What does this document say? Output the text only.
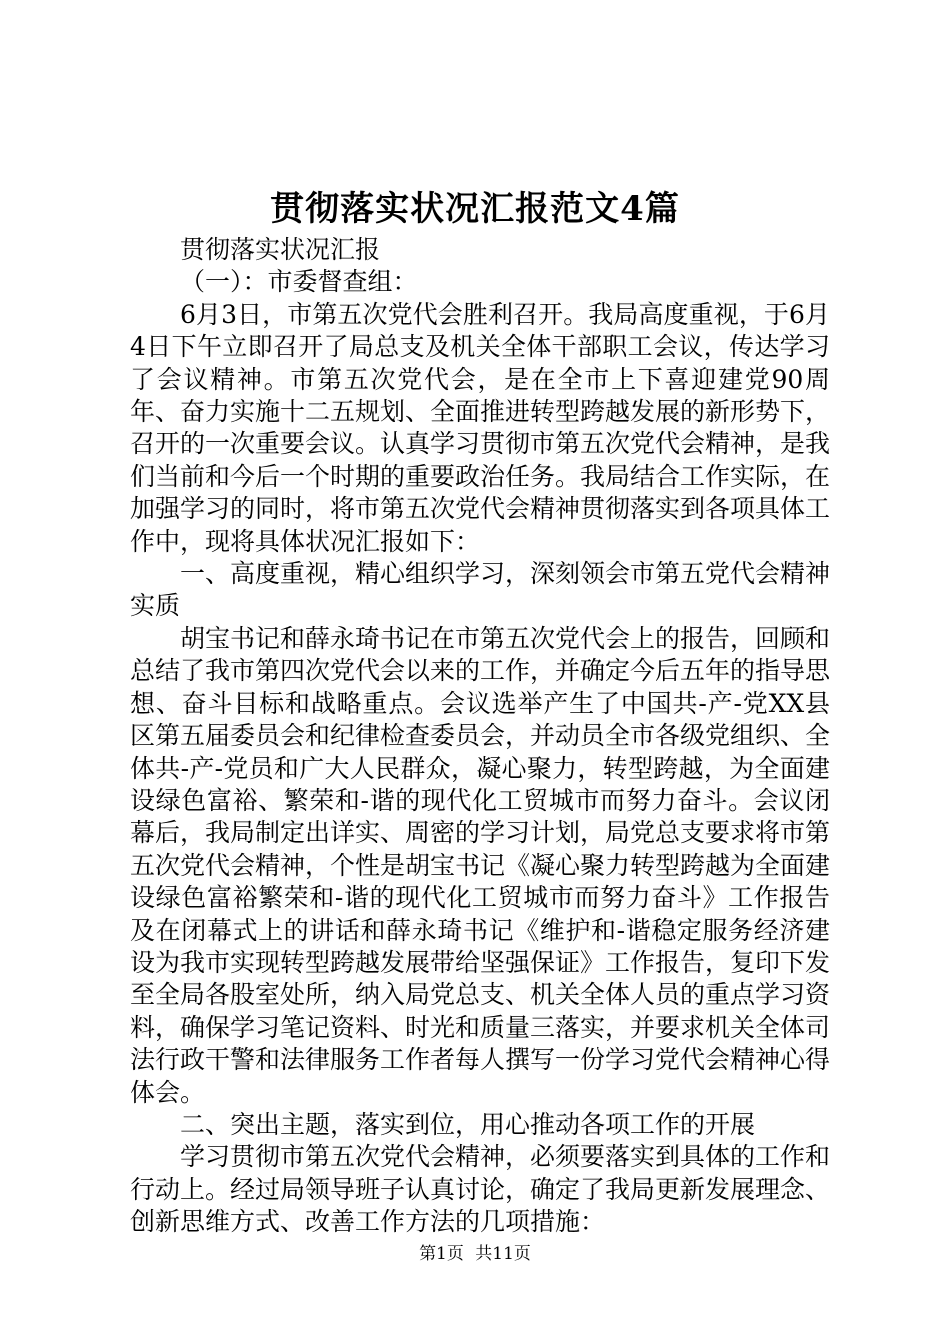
贯彻落实状况汇报范文4篇

贯彻落实状况汇报

（一）：市委督查组：

6月3日，市第五次党代会胜利召开。我局高度重视，于6月4日下午立即召开了局总支及机关全体干部职工会议，传达学习了会议精神。市第五次党代会，是在全市上下喜迎建党90周年、奋力实施十二五规划、全面推进转型跨越发展的新形势下，召开的一次重要会议。认真学习贯彻市第五次党代会精神，是我们当前和今后一个时期的重要政治任务。我局结合工作实际，在加强学习的同时，将市第五次党代会精神贯彻落实到各项具体工作中，现将具体状况汇报如下：

一、高度重视，精心组织学习，深刻领会市第五党代会精神实质

胡宝书记和薛永琦书记在市第五次党代会上的报告，回顾和总结了我市第四次党代会以来的工作，并确定今后五年的指导思想、奋斗目标和战略重点。会议选举产生了中国共-产-党XX县区第五届委员会和纪律检查委员会，并动员全市各级党组织、全体共-产-党员和广大人民群众，凝心聚力，转型跨越，为全面建设绿色富裕、繁荣和-谐的现代化工贸城市而努力奋斗。会议闭幕后，我局制定出详实、周密的学习计划，局党总支要求将市第五次党代会精神，个性是胡宝书记《凝心聚力转型跨越为全面建设绿色富裕繁荣和-谐的现代化工贸城市而努力奋斗》工作报告及在闭幕式上的讲话和薛永琦书记《维护和-谐稳定服务经济建设为我市实现转型跨越发展带给坚强保证》工作报告，复印下发至全局各股室处所，纳入局党总支、机关全体人员的重点学习资料，确保学习笔记资料、时光和质量三落实，并要求机关全体司法行政干警和法律服务工作者每人撰写一份学习党代会精神心得体会。

二、突出主题，落实到位，用心推动各项工作的开展

学习贯彻市第五次党代会精神，必须要落实到具体的工作和行动上。经过局领导班子认真讨论，确定了我局更新发展理念、创新思维方式、改善工作方法的几项措施：

第1页 共11页
